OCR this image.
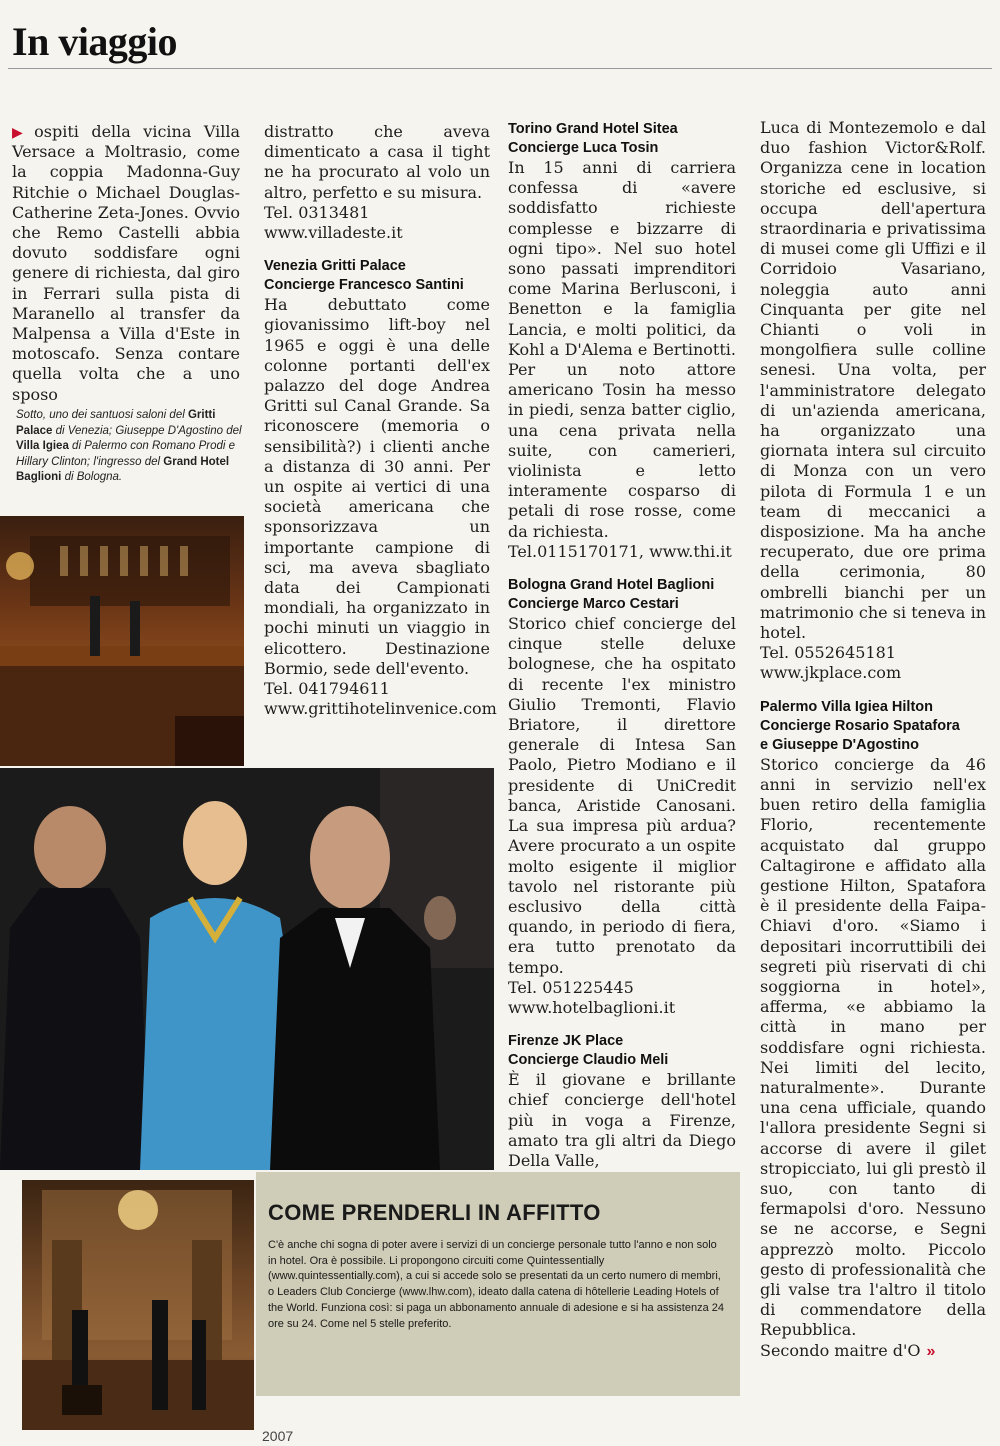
In viaggio

▶ ospiti della vicina Villa Versace a Moltrasio, come la coppia Madonna-Guy Ritchie o Michael Douglas-Catherine Zeta-Jones. Ovvio che Remo Castelli abbia dovuto soddisfare ogni genere di richiesta, dal giro in Ferrari sulla pista di Maranello al transfer da Malpensa a Villa d'Este in motoscafo. Senza contare quella volta che a uno sposo

Sotto, uno dei santuosi saloni del Gritti Palace di Venezia; Giuseppe D'Agostino del Villa Igiea di Palermo con Romano Prodi e Hillary Clinton; l'ingresso del Grand Hotel Baglioni di Bologna.

distratto che aveva dimenticato a casa il tight ne ha procurato al volo un altro, perfetto e su misura.

Tel. 0313481

www.villadeste.it

Venezia Gritti Palace
Concierge Francesco Santini

Ha debuttato come giovanissimo lift-boy nel 1965 e oggi è una delle colonne portanti dell'ex palazzo del doge Andrea Gritti sul Canal Grande. Sa riconoscere (memoria o sensibilità?) i clienti anche a distanza di 30 anni. Per un ospite ai vertici di una società americana che sponsorizzava un importante campione di sci, ma aveva sbagliato data dei Campionati mondiali, ha organizzato in pochi minuti un viaggio in elicottero. Destinazione Bormio, sede dell'evento.

Tel. 041794611

www.grittihotelinvenice.com

Torino Grand Hotel Sitea
Concierge Luca Tosin

In 15 anni di carriera confessa di «avere soddisfatto richieste complesse e bizzarre di ogni tipo». Nel suo hotel sono passati imprenditori come Marina Berlusconi, i Benetton e la famiglia Lancia, e molti politici, da Kohl a D'Alema e Bertinotti. Per un noto attore americano Tosin ha messo in piedi, senza batter ciglio, una cena privata nella suite, con camerieri, violinista e letto interamente cosparso di petali di rose rosse, come da richiesta.

Tel.0115170171, www.thi.it

Bologna Grand Hotel Baglioni
Concierge Marco Cestari

Storico chief concierge del cinque stelle deluxe bolognese, che ha ospitato di recente l'ex ministro Giulio Tremonti, Flavio Briatore, il direttore generale di Intesa San Paolo, Pietro Modiano e il presidente di UniCredit banca, Aristide Canosani. La sua impresa più ardua? Avere procurato a un ospite molto esigente il miglior tavolo nel ristorante più esclusivo della città quando, in periodo di fiera, era tutto prenotato da tempo.

Tel. 051225445

www.hotelbaglioni.it

Firenze JK Place
Concierge Claudio Meli

È il giovane e brillante chief concierge dell'hotel più in voga a Firenze, amato tra gli altri da Diego Della Valle,

Luca di Montezemolo e dal duo fashion Victor&Rolf. Organizza cene in location storiche ed esclusive, si occupa dell'apertura straordinaria e privatissima di musei come gli Uffizi e il Corridoio Vasariano, noleggia auto anni Cinquanta per gite nel Chianti o voli in mongolfiera sulle colline senesi. Una volta, per l'amministratore delegato di un'azienda americana, ha organizzato una giornata intera sul circuito di Monza con un vero pilota di Formula 1 e un team di meccanici a disposizione. Ma ha anche recuperato, due ore prima della cerimonia, 80 ombrelli bianchi per un matrimonio che si teneva in hotel.

Tel. 0552645181

www.jkplace.com

Palermo Villa Igiea Hilton
Concierge Rosario Spatafora
e Giuseppe D'Agostino

Storico concierge da 46 anni in servizio nell'ex buen retiro della famiglia Florio, recentemente acquistato dal gruppo Caltagirone e affidato alla gestione Hilton, Spatafora è il presidente della Faipa-Chiavi d'oro. «Siamo i depositari incorruttibili dei segreti più riservati di chi soggiorna in hotel», afferma, «e abbiamo la città in mano per soddisfare ogni richiesta. Nei limiti del lecito, naturalmente». Durante una cena ufficiale, quando l'allora presidente Segni si accorse di avere il gilet stropicciato, lui gli prestò il suo, con tanto di fermapolsi d'oro. Nessuno se ne accorse, e Segni apprezzò molto. Piccolo gesto di professionalità che gli valse tra l'altro il titolo di commendatore della Repubblica.

Secondo maitre d'O »

COME PRENDERLI IN AFFITTO
C'è anche chi sogna di poter avere i servizi di un concierge personale tutto l'anno e non solo in hotel. Ora è possibile. Li propongono circuiti come Quintessentially (www.quintessentially.com), a cui si accede solo se presentati da un certo numero di membri, o Leaders Club Concierge (www.lhw.com), ideato dalla catena di hôtellerie Leading Hotels of the World. Funziona così: si paga un abbonamento annuale di adesione e si ha assistenza 24 ore su 24. Come nel 5 stelle preferito.
2007
